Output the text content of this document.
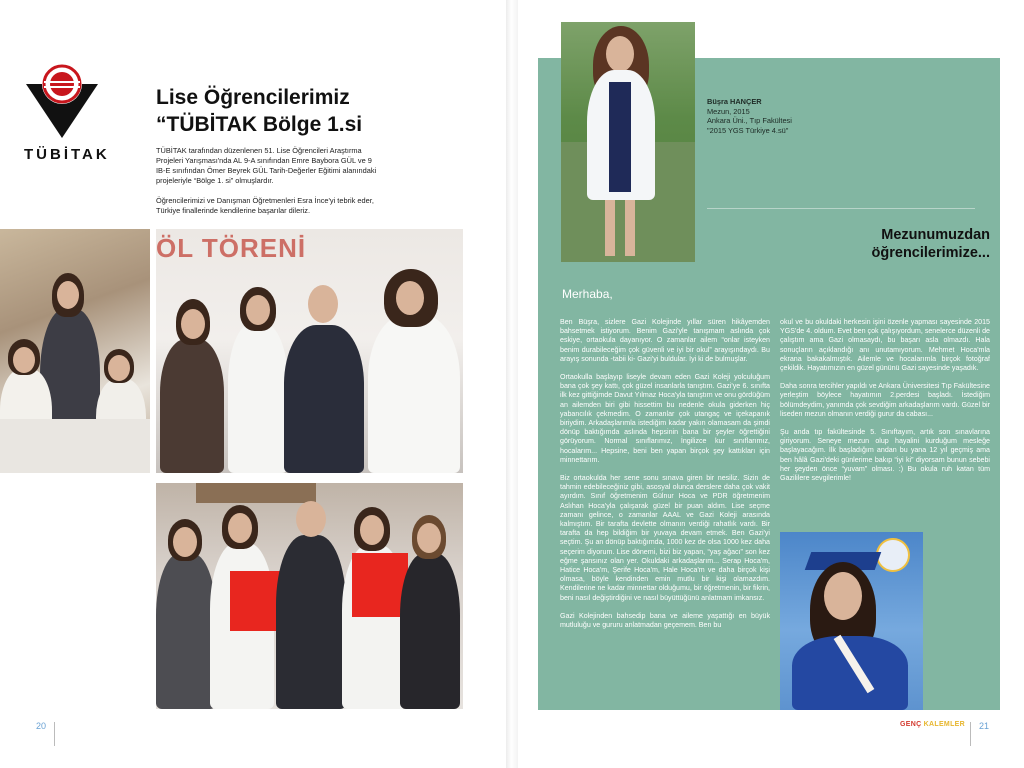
TÜBİTAK
Lise Öğrencilerimiz
“TÜBİTAK Bölge 1.si

TÜBİTAK tarafından düzenlenen 51. Lise Öğrencileri Araştırma Projeleri Yarışması'nda AL 9-A sınıfından Emre Baybora GÜL ve 9 IB-E sınıfından Ömer Beyrek GÜL Tarih-Değerler Eğitimi alanındaki projeleriyle “Bölge 1. si” olmuşlardır.

Öğrencilerimizi ve Danışman Öğretmenleri Esra İnce'yi tebrik eder, Türkiye finallerinde kendilerine başarılar dileriz.

ÖL TÖRENİ
20
Büşra HANÇER
Mezun, 2015
Ankara Üni., Tıp Fakültesi
"2015 YGS Türkiye 4.sü"
Mezunumuzdan
öğrencilerimize...
Merhaba,

Ben Büşra, sizlere Gazi Kolejinde yıllar süren hikâyemden bahsetmek istiyorum. Benim Gazi'yle tanışmam aslında çok eskiye, ortaokula dayanıyor. O zamanlar ailem “onlar isteyken benim durabileceğim çok güvenli ve iyi bir okul” arayışındaydı. Bu arayış sonunda -tabii ki- Gazi'yi buldular. İyi ki de bulmuşlar.

Ortaokulla başlayıp liseyle devam eden Gazi Koleji yolculuğum bana çok şey kattı, çok güzel insanlarla tanıştım. Gazi'ye 6. sınıfta ilk kez gittiğimde Davut Yılmaz Hoca'yla tanıştım ve onu gördüğüm an ailemden biri gibi hissettim bu nedenle okula giderken hiç yabancılık çekmedim. O zamanlar çok utangaç ve içekapanık biriydim. Arkadaşlarımla istediğim kadar yakın olamasam da şimdi dönüp baktığımda aslında hepsinin bana bir şeyler öğrettiğini görüyorum. Normal sınıflarımız, İngilizce kur sınıflarımız, hocalarım... Hepsine, beni ben yapan birçok şey kattıkları için minnettarım.

Biz ortaokulda her sene sonu sınava giren bir nesiliz. Sizin de tahmin edebileceğiniz gibi, asosyal olunca derslere daha çok vakit ayırdım. Sınıf öğretmenim Gülnur Hoca ve PDR öğretmenim Aslıhan Hoca'yla çalışarak güzel bir puan aldım. Lise seçme zamanı gelince, o zamanlar AAAL ve Gazi Koleji arasında kalmıştım. Bir tarafta devlette olmanın verdiği rahatlık vardı. Bir tarafta da hep bildiğim bir yuvaya devam etmek. Ben Gazi'yi seçtim. Şu an dönüp baktığımda, 1000 kez de olsa 1000 kez daha seçerim diyorum. Lise dönemi, bizi biz yapan, “yaş ağacı” son kez eğme şansınız olan yer. Okuldaki arkadaşlarım... Serap Hoca'm, Hatice Hoca'm, Şerife Hoca'm, Hale Hoca'm ve daha birçok kişi olmasa, böyle kendinden emin mutlu bir kişi olamazdım. Kendilerine ne kadar minnettar olduğumu, bir öğretmenin, bir fikrin, beni nasıl değiştirdiğini ve nasıl büyüttüğünü anlatmam imkansız.

Gazi Kolejinden bahsedip bana ve aileme yaşattığı en büyük mutluluğu ve gururu anlatmadan geçemem. Ben bu

okul ve bu okuldaki herkesin işini özenle yapması sayesinde 2015 YGS'de 4. oldum. Evet ben çok çalışıyordum, senelerce düzenli de çalıştım ama Gazi olmasaydı, bu başarı asla olmazdı. Hala sonuçların açıklandığı anı unutamıyorum. Mehmet Hoca'mla ekrana bakakalmıştık. Ailemle ve hocalarımla birçok fotoğraf çekildik. Hayatımızın en güzel gününü Gazi sayesinde yaşadık.

Daha sonra tercihler yapıldı ve Ankara Üniversitesi Tıp Fakültesine yerleştim böylece hayatımın 2.perdesi başladı. İstediğim bölümdeydim, yanımda çok sevdiğim arkadaşlarım vardı. Güzel bir liseden mezun olmanın verdiği gurur da cabası...

Şu anda tıp fakültesinde 5. Sınıftayım, artık son sınavlarına giriyorum. Seneye mezun olup hayalini kurduğum mesleğe başlayacağım. İlk başladığım andan bu yana 12 yıl geçmiş ama ben hâlâ Gazi'deki günlerime bakıp “iyi ki” diyorsam bunun sebebi her şeyden önce “yuvam” olması. :) Bu okula ruh katan tüm Gazililere sevgilerimle!

GENÇ KALEMLER 21
